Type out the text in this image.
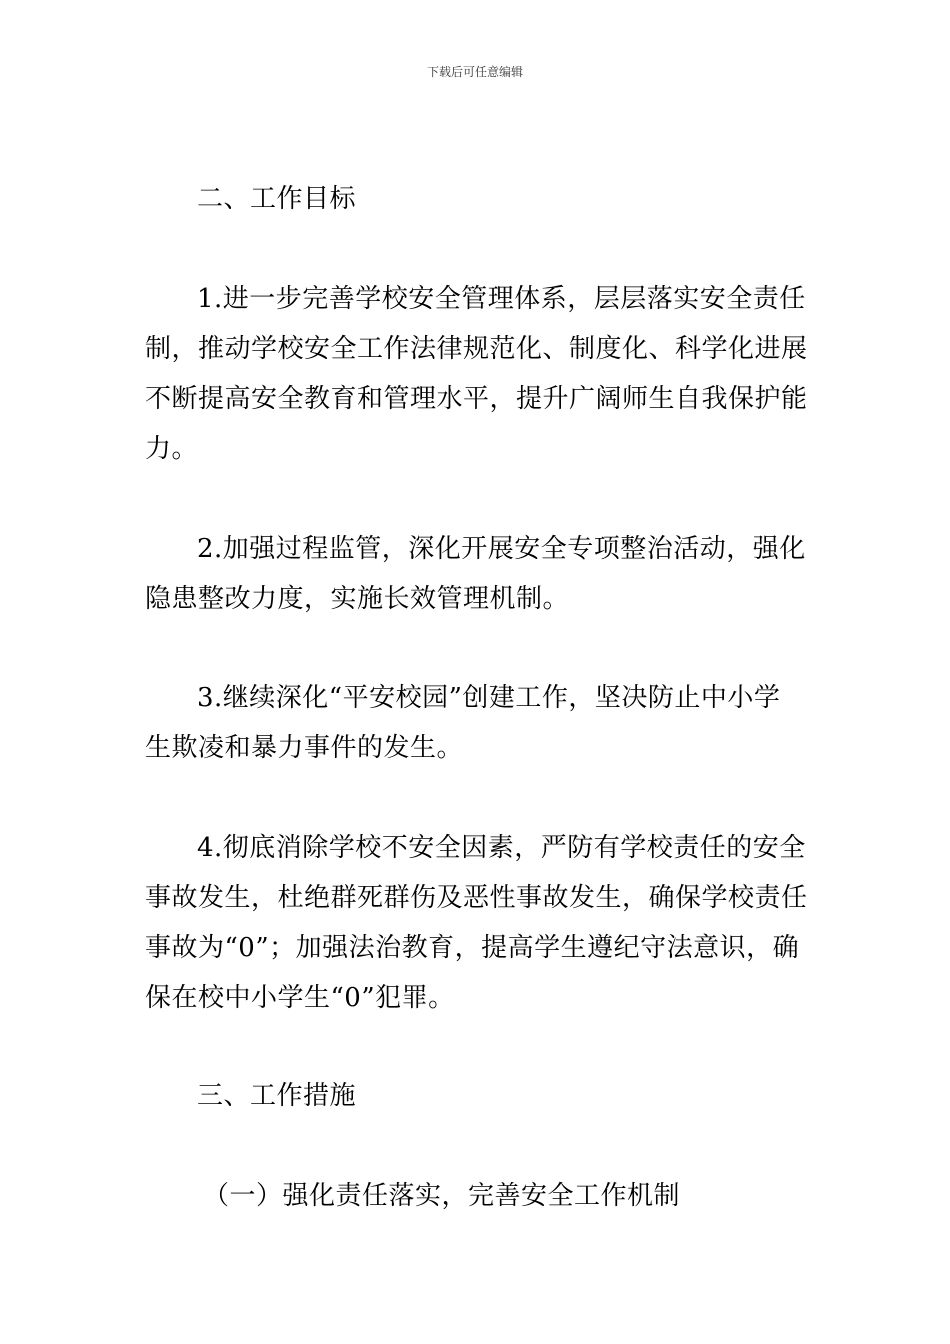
下载后可任意编辑
二、工作目标
1.进一步完善学校安全管理体系，层层落实安全责任
制，推动学校安全工作法律规范化、制度化、科学化进展
不断提高安全教育和管理水平，提升广阔师生自我保护能
力。
2.加强过程监管，深化开展安全专项整治活动，强化
隐患整改力度，实施长效管理机制。
3.继续深化“平安校园”创建工作，坚决防止中小学
生欺凌和暴力事件的发生。
4.彻底消除学校不安全因素，严防有学校责任的安全
事故发生，杜绝群死群伤及恶性事故发生，确保学校责任
事故为“0”；加强法治教育，提高学生遵纪守法意识，确
保在校中小学生“0”犯罪。
三、工作措施
（一）强化责任落实，完善安全工作机制
